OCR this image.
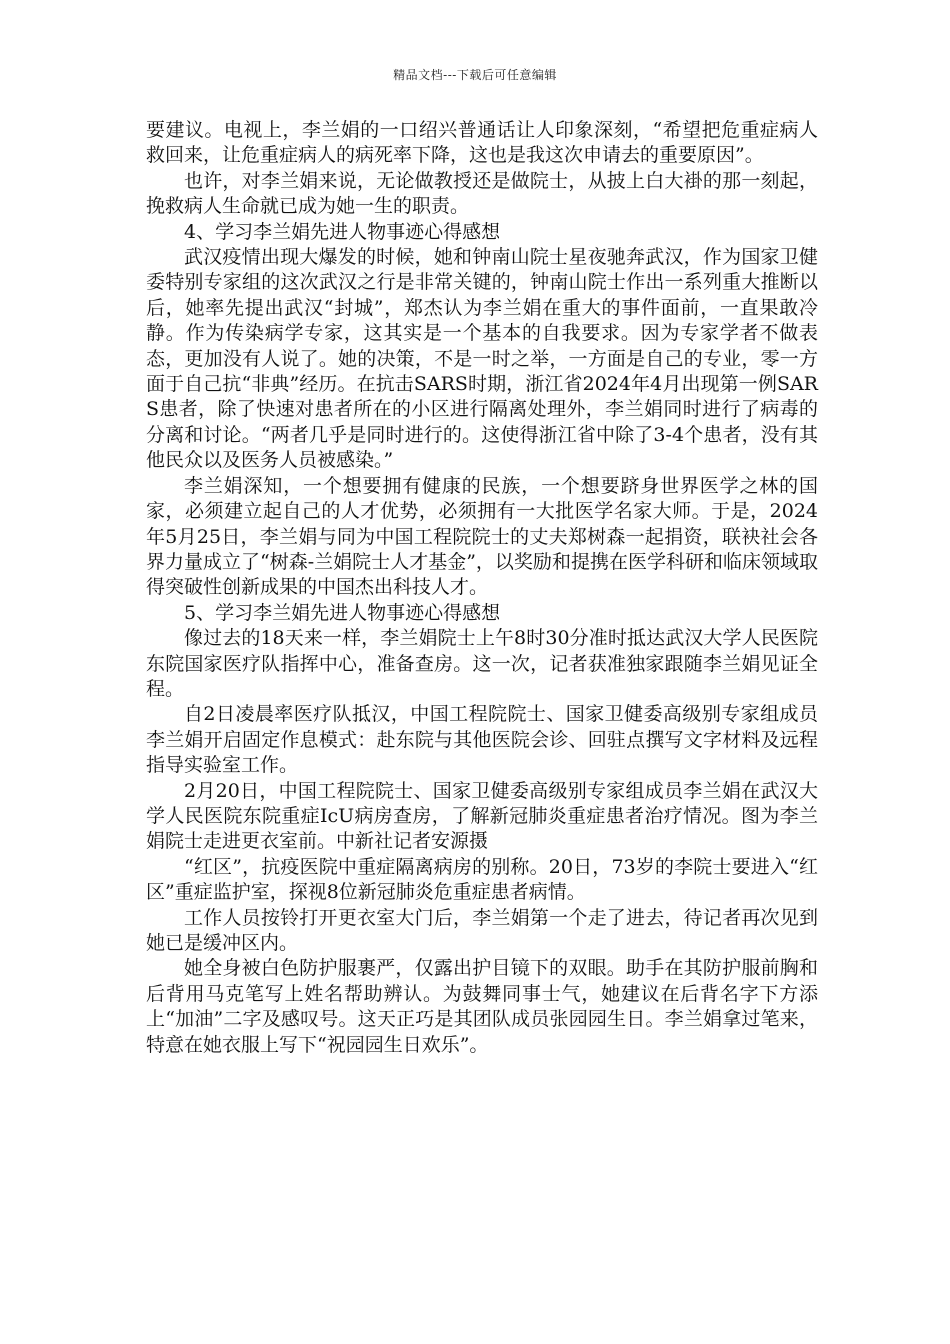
精品文档---下载后可任意编辑

要建议。电视上，李兰娟的一口绍兴普通话让人印象深刻，“希望把危重症病人救回来，让危重症病人的病死率下降，这也是我这次申请去的重要原因”。

也许，对李兰娟来说，无论做教授还是做院士，从披上白大褂的那一刻起，挽救病人生命就已成为她一生的职责。

4、学习李兰娟先进人物事迹心得感想

武汉疫情出现大爆发的时候，她和钟南山院士星夜驰奔武汉，作为国家卫健委特别专家组的这次武汉之行是非常关键的，钟南山院士作出一系列重大推断以后，她率先提出武汉“封城”，郑杰认为李兰娟在重大的事件面前，一直果敢冷静。作为传染病学专家，这其实是一个基本的自我要求。因为专家学者不做表态，更加没有人说了。她的决策，不是一时之举，一方面是自己的专业，零一方面于自己抗“非典”经历。在抗击SARS时期，浙江省2024年4月出现第一例SARS患者，除了快速对患者所在的小区进行隔离处理外，李兰娟同时进行了病毒的分离和讨论。“两者几乎是同时进行的。这使得浙江省中除了3-4个患者，没有其他民众以及医务人员被感染。”

李兰娟深知，一个想要拥有健康的民族，一个想要跻身世界医学之林的国家，必须建立起自己的人才优势，必须拥有一大批医学名家大师。于是，2024年5月25日，李兰娟与同为中国工程院院士的丈夫郑树森一起捐资，联袂社会各界力量成立了“树森-兰娟院士人才基金”，以奖励和提携在医学科研和临床领域取得突破性创新成果的中国杰出科技人才。

5、学习李兰娟先进人物事迹心得感想

像过去的18天来一样，李兰娟院士上午8时30分准时抵达武汉大学人民医院东院国家医疗队指挥中心，准备查房。这一次，记者获准独家跟随李兰娟见证全程。

自2日凌晨率医疗队抵汉，中国工程院院士、国家卫健委高级别专家组成员李兰娟开启固定作息模式：赴东院与其他医院会诊、回驻点撰写文字材料及远程指导实验室工作。

2月20日，中国工程院院士、国家卫健委高级别专家组成员李兰娟在武汉大学人民医院东院重症IcU病房查房，了解新冠肺炎重症患者治疗情况。图为李兰娟院士走进更衣室前。中新社记者安源摄

“红区”，抗疫医院中重症隔离病房的别称。20日，73岁的李院士要进入“红区”重症监护室，探视8位新冠肺炎危重症患者病情。

工作人员按铃打开更衣室大门后，李兰娟第一个走了进去，待记者再次见到她已是缓冲区内。

她全身被白色防护服裹严，仅露出护目镜下的双眼。助手在其防护服前胸和后背用马克笔写上姓名帮助辨认。为鼓舞同事士气，她建议在后背名字下方添上“加油”二字及感叹号。这天正巧是其团队成员张园园生日。李兰娟拿过笔来，特意在她衣服上写下“祝园园生日欢乐”。
